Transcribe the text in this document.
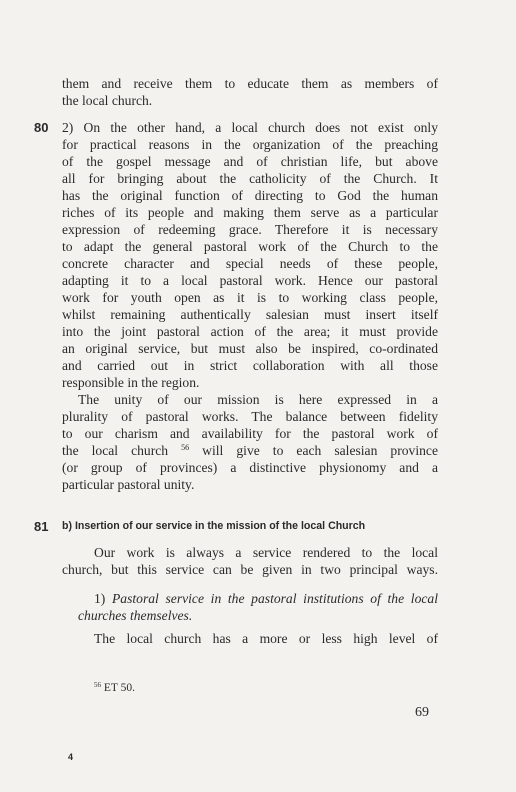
them and receive them to educate them as members of
the local church.
80 2) On the other hand, a local church does not exist only
for practical reasons in the organization of the preaching
of the gospel message and of christian life, but above
all for bringing about the catholicity of the Church. It
has the original function of directing to God the human
riches of its people and making them serve as a particular
expression of redeeming grace. Therefore it is necessary
to adapt the general pastoral work of the Church to the
concrete character and special needs of these people,
adapting it to a local pastoral work. Hence our pastoral
work for youth open as it is to working class people,
whilst remaining authentically salesian must insert itself
into the joint pastoral action of the area; it must provide
an original service, but must also be inspired, co-ordinated
and carried out in strict collaboration with all those
responsible in the region.
The unity of our mission is here expressed in a
plurality of pastoral works. The balance between fidelity
to our charism and availability for the pastoral work of
the local church $^{56}$ will give to each salesian province
(or group of provinces) a distinctive physionomy and a
particular pastoral unity.
81 b) Insertion of our service in the mission of the local Church
Our work is always a service rendered to the local
church, but this service can be given in two principal ways.
1) Pastoral service in the pastoral institutions of the local
churches themselves.
The local church has a more or less high level of
$^{56}$ ET 50.
69
4
